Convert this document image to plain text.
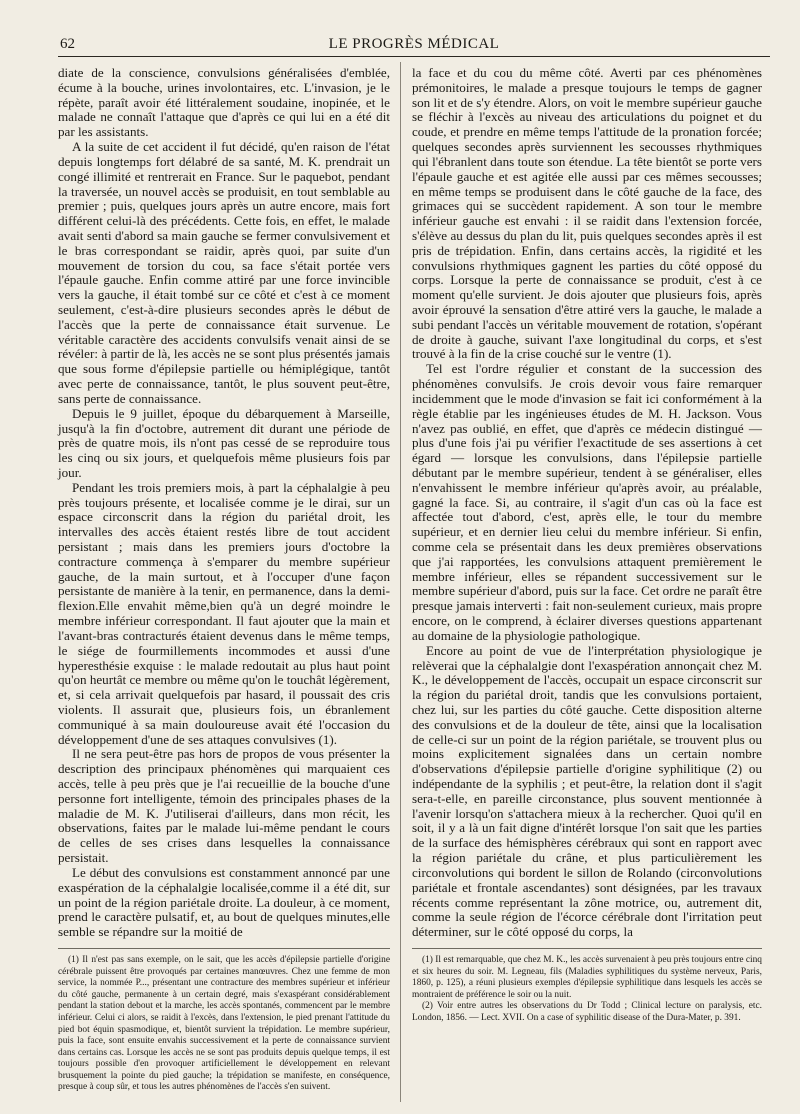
62	LE PROGRÈS MÉDICAL

diate de la conscience, convulsions généralisées d'emblée, écume à la bouche, urines involontaires, etc. L'invasion, je le répète, paraît avoir été littéralement soudaine, inopinée, et le malade ne connaît l'attaque que d'après ce qui lui en a été dit par les assistants.

A la suite de cet accident il fut décidé, qu'en raison de l'état depuis longtemps fort délabré de sa santé, M. K. prendrait un congé illimité et rentrerait en France. Sur le paquebot, pendant la traversée, un nouvel accès se produisit, en tout semblable au premier ; puis, quelques jours après un autre encore, mais fort différent celui-là des précédents. Cette fois, en effet, le malade avait senti d'abord sa main gauche se fermer convulsivement et le bras correspondant se raidir, après quoi, par suite d'un mouvement de torsion du cou, sa face s'était portée vers l'épaule gauche. Enfin comme attiré par une force invincible vers la gauche, il était tombé sur ce côté et c'est à ce moment seulement, c'est-à-dire plusieurs secondes après le début de l'accès que la perte de connaissance était survenue. Le véritable caractère des accidents convulsifs venait ainsi de se révéler: à partir de là, les accès ne se sont plus présentés jamais que sous forme d'épilepsie partielle ou hémiplégique, tantôt avec perte de connaissance, tantôt, le plus souvent peut-être, sans perte de connaissance.

Depuis le 9 juillet, époque du débarquement à Marseille, jusqu'à la fin d'octobre, autrement dit durant une période de près de quatre mois, ils n'ont pas cessé de se reproduire tous les cinq ou six jours, et quelquefois même plusieurs fois par jour.

Pendant les trois premiers mois, à part la céphalalgie à peu près toujours présente, et localisée comme je le dirai, sur un espace circonscrit dans la région du pariétal droit, les intervalles des accès étaient restés libre de tout accident persistant ; mais dans les premiers jours d'octobre la contracture commença à s'emparer du membre supérieur gauche, de la main surtout, et à l'occuper d'une façon persistante de manière à la tenir, en permanence, dans la demi-flexion.Elle envahit même,bien qu'à un degré moindre le membre inférieur correspondant. Il faut ajouter que la main et l'avant-bras contracturés étaient devenus dans le même temps, le siége de fourmillements incommodes et aussi d'une hyperesthésie exquise : le malade redoutait au plus haut point qu'on heurtât ce membre ou même qu'on le touchât légèrement, et, si cela arrivait quelquefois par hasard, il poussait des cris violents. Il assurait que, plusieurs fois, un ébranlement communiqué à sa main douloureuse avait été l'occasion du développement d'une de ses attaques convulsives (1).

Il ne sera peut-être pas hors de propos de vous présenter la description des principaux phénomènes qui marquaient ces accès, telle à peu près que je l'ai recueillie de la bouche d'une personne fort intelligente, témoin des principales phases de la maladie de M. K. J'utiliserai d'ailleurs, dans mon récit, les observations, faites par le malade lui-même pendant le cours de celles de ses crises dans lesquelles la connaissance persistait.

Le début des convulsions est constamment annoncé par une exaspération de la céphalalgie localisée,comme il a été dit, sur un point de la région pariétale droite. La douleur, à ce moment, prend le caractère pulsatif, et, au bout de quelques minutes,elle semble se répandre sur la moitié de

(1) Il n'est pas sans exemple, on le sait, que les accès d'épilepsie partielle d'origine cérébrale puissent être provoqués par certaines manœuvres. Chez une femme de mon service, la nommée P..., présentant une contracture des membres supérieur et inférieur du côté gauche, permanente à un certain degré, mais s'exaspérant considérablement pendant la station debout et la marche, les accès spontanés, commencent par le membre inférieur. Celui ci alors, se raidit à l'excès, dans l'extension, le pied prenant l'attitude du pied bot équin spasmodique, et, bientôt survient la trépidation. Le membre supérieur, puis la face, sont ensuite envahis successivement et la perte de connaissance survient dans certains cas. Lorsque les accès ne se sont pas produits depuis quelque temps, il est toujours possible d'en provoquer artificiellement le développement en relevant brusquement la pointe du pied gauche; la trépidation se manifeste, en conséquence, presque à coup sûr, et tous les autres phénomènes de l'accès s'en suivent.

la face et du cou du même côté. Averti par ces phénomènes prémonitoires, le malade a presque toujours le temps de gagner son lit et de s'y étendre. Alors, on voit le membre supérieur gauche se fléchir à l'excès au niveau des articulations du poignet et du coude, et prendre en même temps l'attitude de la pronation forcée; quelques secondes après surviennent les secousses rhythmiques qui l'ébranlent dans toute son étendue. La tête bientôt se porte vers l'épaule gauche et est agitée elle aussi par ces mêmes secousses; en même temps se produisent dans le côté gauche de la face, des grimaces qui se succèdent rapidement. A son tour le membre inférieur gauche est envahi : il se raidit dans l'extension forcée, s'élève au dessus du plan du lit, puis quelques secondes après il est pris de trépidation. Enfin, dans certains accès, la rigidité et les convulsions rhythmiques gagnent les parties du côté opposé du corps. Lorsque la perte de connaissance se produit, c'est à ce moment qu'elle survient. Je dois ajouter que plusieurs fois, après avoir éprouvé la sensation d'être attiré vers la gauche, le malade a subi pendant l'accès un véritable mouvement de rotation, s'opérant de droite à gauche, suivant l'axe longitudinal du corps, et s'est trouvé à la fin de la crise couché sur le ventre (1).

Tel est l'ordre régulier et constant de la succession des phénomènes convulsifs. Je crois devoir vous faire remarquer incidemment que le mode d'invasion se fait ici conformément à la règle établie par les ingénieuses études de M. H. Jackson. Vous n'avez pas oublié, en effet, que d'après ce médecin distingué — plus d'une fois j'ai pu vérifier l'exactitude de ses assertions à cet égard — lorsque les convulsions, dans l'épilepsie partielle débutant par le membre supérieur, tendent à se généraliser, elles n'envahissent le membre inférieur qu'après avoir, au préalable, gagné la face. Si, au contraire, il s'agit d'un cas où la face est affectée tout d'abord, c'est, après elle, le tour du membre supérieur, et en dernier lieu celui du membre inférieur. Si enfin, comme cela se présentait dans les deux premières observations que j'ai rapportées, les convulsions attaquent premièrement le membre inférieur, elles se répandent successivement sur le membre supérieur d'abord, puis sur la face. Cet ordre ne paraît être presque jamais interverti : fait non-seulement curieux, mais propre encore, on le comprend, à éclairer diverses questions appartenant au domaine de la physiologie pathologique.

Encore au point de vue de l'interprétation physiologique je relèverai que la céphalalgie dont l'exaspération annonçait chez M. K., le développement de l'accès, occupait un espace circonscrit sur la région du pariétal droit, tandis que les convulsions portaient, chez lui, sur les parties du côté gauche. Cette disposition alterne des convulsions et de la douleur de tête, ainsi que la localisation de celle-ci sur un point de la région pariétale, se trouvent plus ou moins explicitement signalées dans un certain nombre d'observations d'épilepsie partielle d'origine syphilitique (2) ou indépendante de la syphilis ; et peut-être, la relation dont il s'agit sera-t-elle, en pareille circonstance, plus souvent mentionnée à l'avenir lorsqu'on s'attachera mieux à la rechercher. Quoi qu'il en soit, il y a là un fait digne d'intérêt lorsque l'on sait que les parties de la surface des hémisphères cérébraux qui sont en rapport avec la région pariétale du crâne, et plus particulièrement les circonvolutions qui bordent le sillon de Rolando (circonvolutions pariétale et frontale ascendantes) sont désignées, par les travaux récents comme représentant la zône motrice, ou, autrement dit, comme la seule région de l'écorce cérébrale dont l'irritation peut déterminer, sur le côté opposé du corps, la

(1) Il est remarquable, que chez M. K., les accès survenaient à peu près toujours entre cinq et six heures du soir. M. Legneau, fils (Maladies syphilitiques du système nerveux, Paris, 1860, p. 125), a réuni plusieurs exemples d'épilepsie syphilitique dans lesquels les accès se montraient de préférence le soir ou la nuit.

(2) Voir entre autres les observations du Dr Todd ; Clinical lecture on paralysis, etc. London, 1856. — Lect. XVII. On a case of syphilitic disease of the Dura-Mater, p. 391.
